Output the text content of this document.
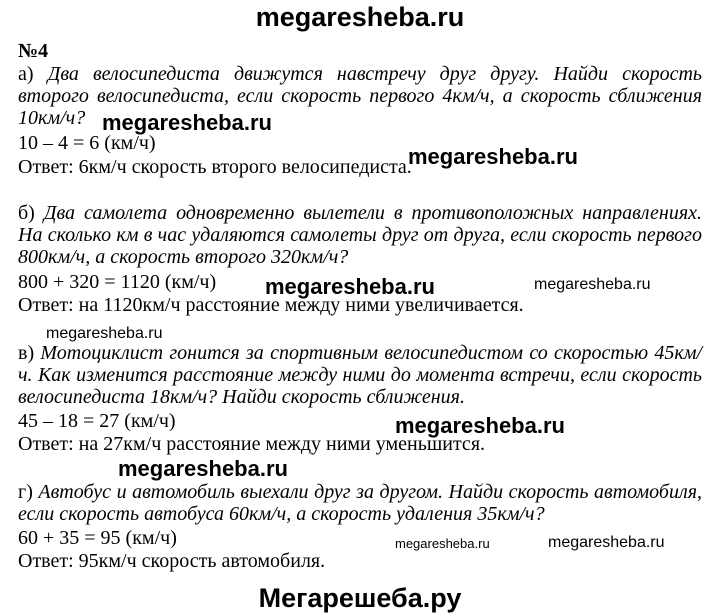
megaresheba.ru
№4
а) Два велосипедиста движутся навстречу друг другу. Найди скорость второго велосипедиста, если скорость первого 4км/ч, а скорость сближения 10км/ч?
10 – 4 = 6 (км/ч)
Ответ: 6км/ч скорость второго велосипедиста.
б) Два самолета одновременно вылетели в противоположных направлениях. На сколько км в час удаляются самолеты друг от друга, если скорость первого 800км/ч, а скорость второго 320км/ч?
800 + 320 = 1120 (км/ч)
Ответ: на 1120км/ч расстояние между ними увеличивается.
в) Мотоциклист гонится за спортивным велосипедистом со скоростью 45км/ч. Как изменится расстояние между ними до момента встречи, если скорость велосипедиста 18км/ч? Найди скорость сближения.
45 – 18 = 27 (км/ч)
Ответ: на 27км/ч расстояние между ними уменьшится.
г) Автобус и автомобиль выехали друг за другом. Найди скорость автомобиля, если скорость автобуса 60км/ч, а скорость удаления 35км/ч?
60 + 35 = 95 (км/ч)
Ответ: 95км/ч скорость автомобиля.
megaresheba.ru
megaresheba.ru
megaresheba.ru	megaresheba.ru
megaresheba.ru
megaresheba.ru
megaresheba.ru
megaresheba.ru	megaresheba.ru
Мегарешеба.ру
